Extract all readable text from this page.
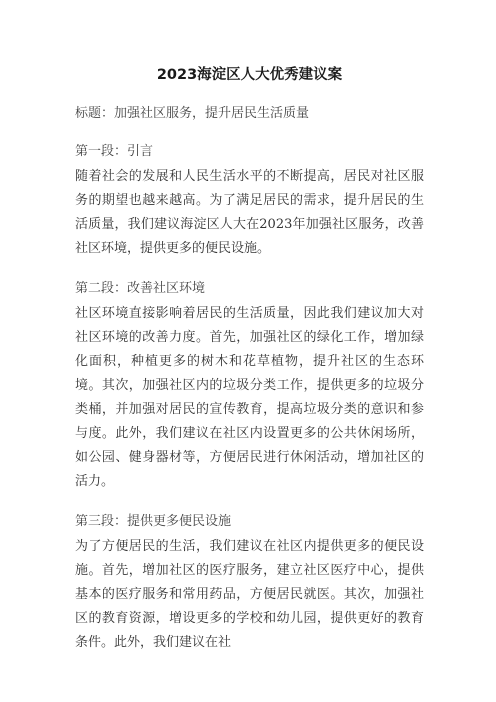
2023海淀区人大优秀建议案

标题：加强社区服务，提升居民生活质量

第一段：引言

随着社会的发展和人民生活水平的不断提高，居民对社区服务的期望也越来越高。为了满足居民的需求，提升居民的生活质量，我们建议海淀区人大在2023年加强社区服务，改善社区环境，提供更多的便民设施。

第二段：改善社区环境

社区环境直接影响着居民的生活质量，因此我们建议加大对社区环境的改善力度。首先，加强社区的绿化工作，增加绿化面积，种植更多的树木和花草植物，提升社区的生态环境。其次，加强社区内的垃圾分类工作，提供更多的垃圾分类桶，并加强对居民的宣传教育，提高垃圾分类的意识和参与度。此外，我们建议在社区内设置更多的公共休闲场所，如公园、健身器材等，方便居民进行休闲活动，增加社区的活力。

第三段：提供更多便民设施

为了方便居民的生活，我们建议在社区内提供更多的便民设施。首先，增加社区的医疗服务，建立社区医疗中心，提供基本的医疗服务和常用药品，方便居民就医。其次，加强社区的教育资源，增设更多的学校和幼儿园，提供更好的教育条件。此外，我们建议在社
